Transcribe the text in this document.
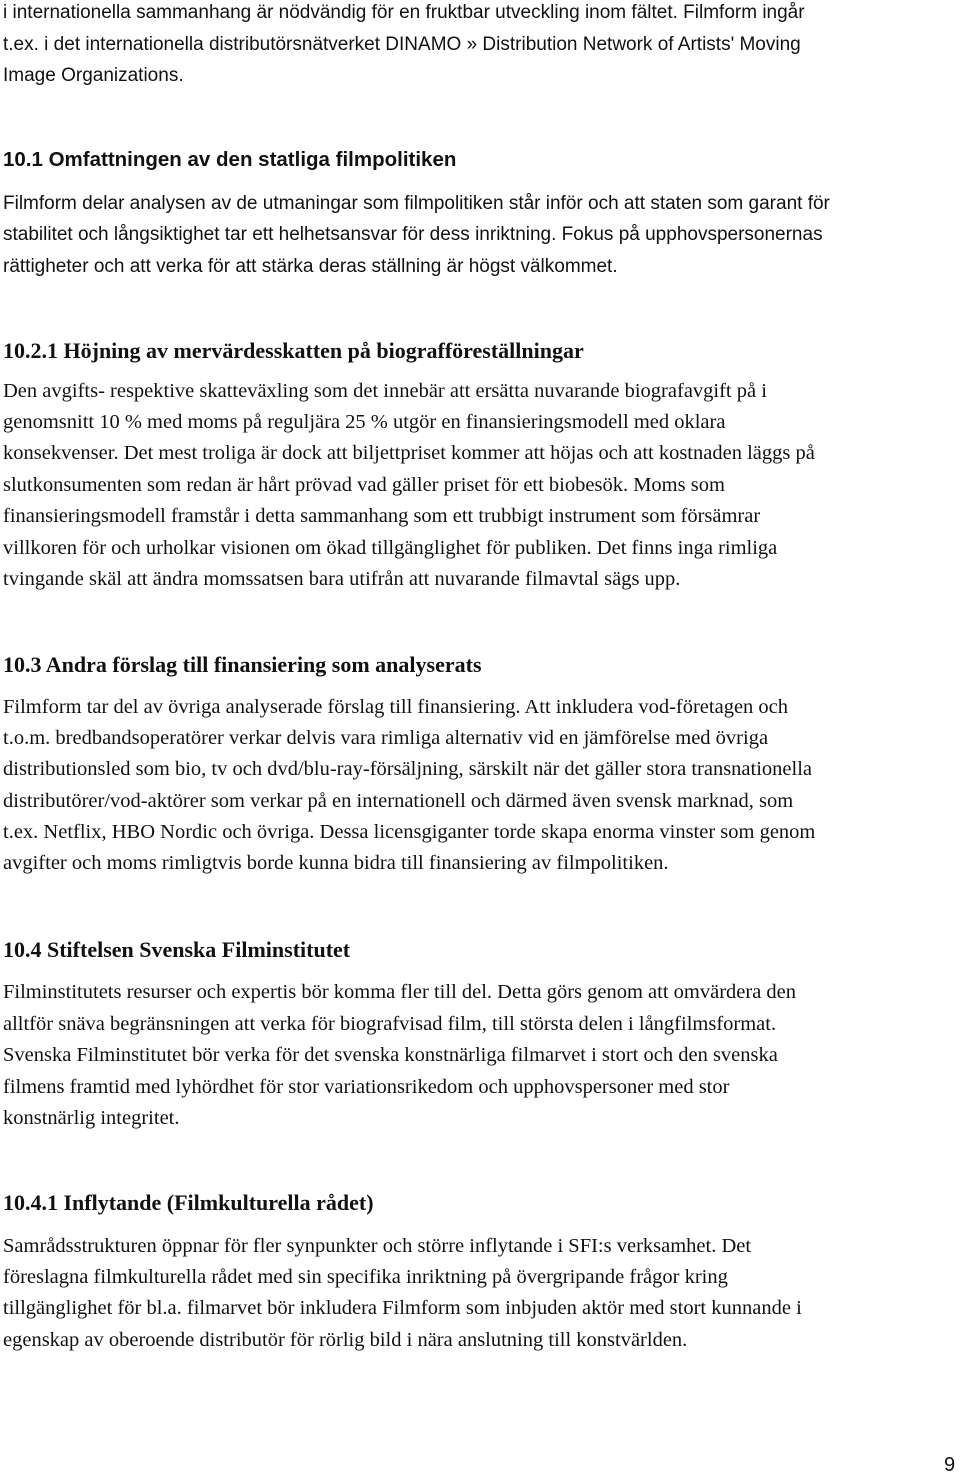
i internationella sammanhang är nödvändig för en fruktbar utveckling inom fältet. Filmform ingår

t.ex. i det internationella distributörsnätverket DINAMO » Distribution Network of Artists' Moving

Image Organizations.

10.1 Omfattningen av den statliga filmpolitiken

Filmform delar analysen av de utmaningar som filmpolitiken står inför och att staten som garant för

stabilitet och långsiktighet tar ett helhetsansvar för dess inriktning. Fokus på upphovspersonernas

rättigheter och att verka för att stärka deras ställning är högst välkommet.

10.2.1 Höjning av mervärdesskatten på biografföreställningar

Den avgifts- respektive skatteväxling som det innebär att ersätta nuvarande biografavgift på i

genomsnitt 10 % med moms på reguljära 25 % utgör en finansieringsmodell med oklara

konsekvenser. Det mest troliga är dock att biljettpriset kommer att höjas och att kostnaden läggs på

slutkonsumenten som redan är hårt prövad vad gäller priset för ett biobesök. Moms som

finansieringsmodell framstår i detta sammanhang som ett trubbigt instrument som försämrar

villkoren för och urholkar visionen om ökad tillgänglighet för publiken. Det finns inga rimliga

tvingande skäl att ändra momssatsen bara utifrån att nuvarande filmavtal sägs upp.

10.3 Andra förslag till finansiering som analyserats

Filmform tar del av övriga analyserade förslag till finansiering. Att inkludera vod-företagen och

t.o.m. bredbandsoperatörer verkar delvis vara rimliga alternativ vid en jämförelse med övriga

distributionsled som bio, tv och dvd/blu-ray-försäljning, särskilt när det gäller stora transnationella

distributörer/vod-aktörer som verkar på en internationell och därmed även svensk marknad, som

t.ex. Netflix, HBO Nordic och övriga. Dessa licensgiganter torde skapa enorma vinster som genom

avgifter och moms rimligtvis borde kunna bidra till finansiering av filmpolitiken.

10.4 Stiftelsen Svenska Filminstitutet

Filminstitutets resurser och expertis bör komma fler till del. Detta görs genom att omvärdera den

alltför snäva begränsningen att verka för biografvisad film, till största delen i långfilmsformat.

Svenska Filminstitutet bör verka för det svenska konstnärliga filmarvet i stort och den svenska

filmens framtid med lyhördhet för stor variationsrikedom och upphovspersoner med stor

konstnärlig integritet.

10.4.1 Inflytande (Filmkulturella rådet)

Samrådsstrukturen öppnar för fler synpunkter och större inflytande i SFI:s verksamhet. Det

föreslagna filmkulturella rådet med sin specifika inriktning på övergripande frågor kring

tillgänglighet för bl.a. filmarvet bör inkludera Filmform som inbjuden aktör med stort kunnande i

egenskap av oberoende distributör för rörlig bild i nära anslutning till konstvärlden.

9
